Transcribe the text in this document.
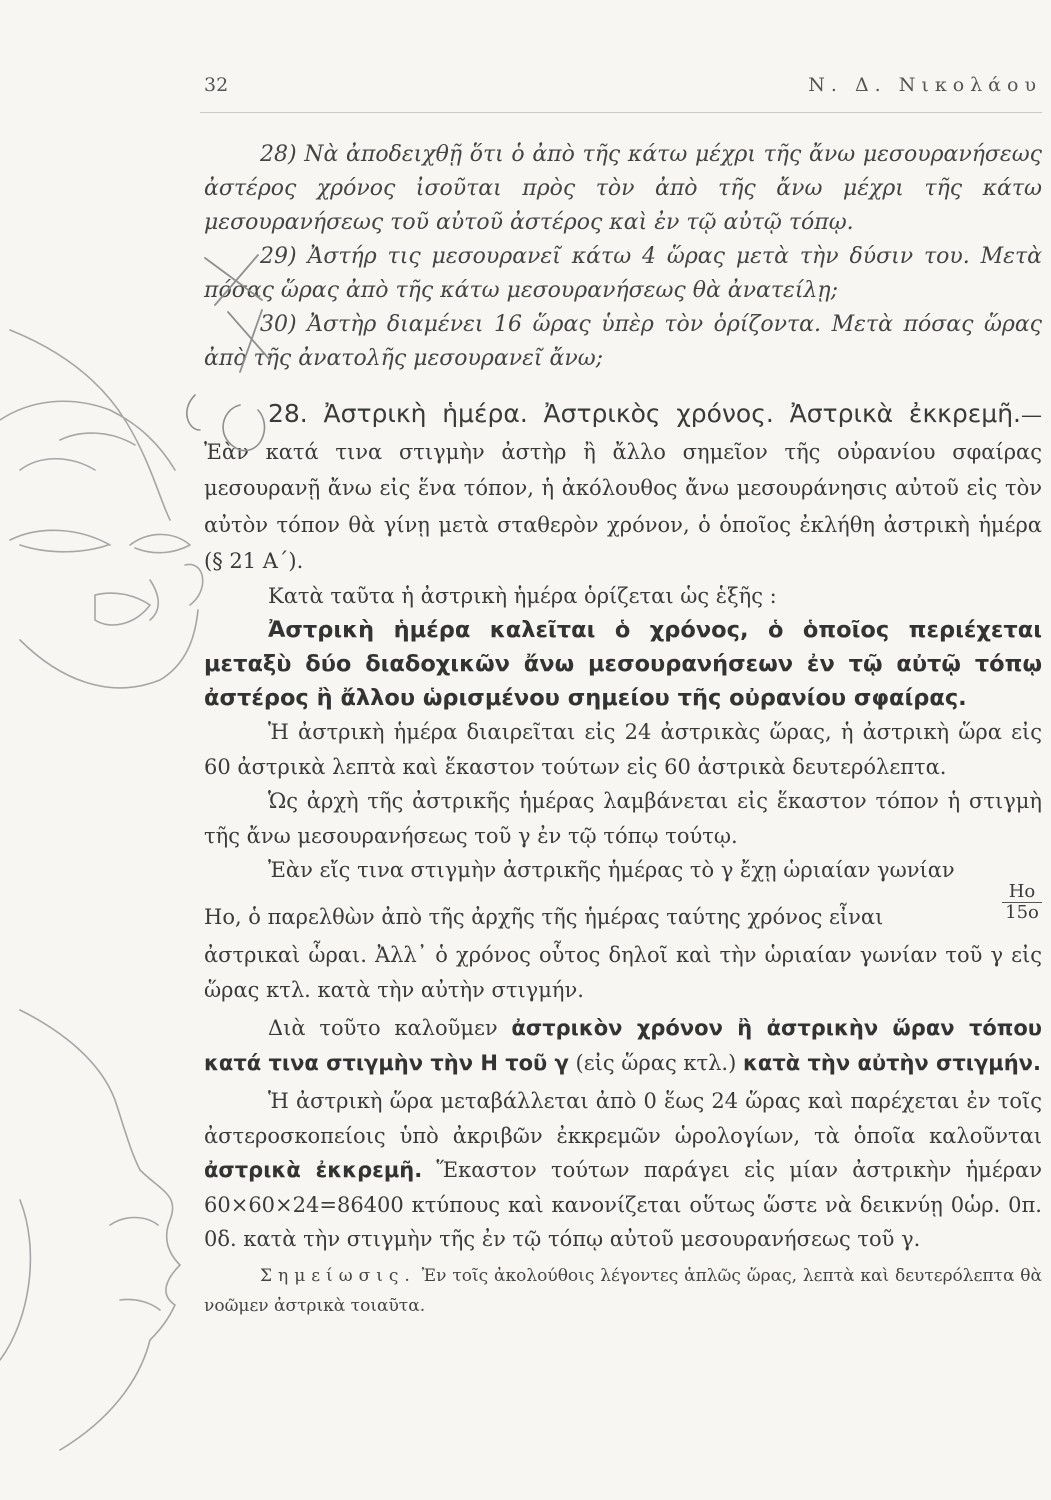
32	Ν. Δ. Νικολάου

28) Νὰ ἀποδειχθῇ ὅτι ὁ ἀπὸ τῆς κάτω μέχρι τῆς ἄνω μεσουρανήσεως ἀστέρος χρόνος ἰσοῦται πρὸς τὸν ἀπὸ τῆς ἄνω μέχρι τῆς κάτω μεσουρανήσεως τοῦ αὐτοῦ ἀστέρος καὶ ἐν τῷ αὐτῷ τόπῳ.

29) Ἀστήρ τις μεσουρανεῖ κάτω 4 ὥρας μετὰ τὴν δύσιν του. Μετὰ πόσας ὥρας ἀπὸ τῆς κάτω μεσουρανήσεως θὰ ἀνατείλῃ;

30) Ἀστὴρ διαμένει 16 ὥρας ὑπὲρ τὸν ὁρίζοντα. Μετὰ πόσας ὥρας ἀπὸ τῆς ἀνατολῆς μεσουρανεῖ ἄνω;

28. Ἀστρικὴ ἡμέρα. Ἀστρικὸς χρόνος. Ἀστρικὰ ἐκκρεμῆ.— Ἐὰν κατά τινα στιγμὴν ἀστὴρ ἢ ἄλλο σημεῖον τῆς οὐρανίου σφαίρας μεσουρανῇ ἄνω εἰς ἕνα τόπον, ἡ ἀκόλουθος ἄνω μεσουράνησις αὐτοῦ εἰς τὸν αὐτὸν τόπον θὰ γίνῃ μετὰ σταθερὸν χρόνον, ὁ ὁποῖος ἐκλήθη ἀστρικὴ ἡμέρα (§ 21 Α΄).

Κατὰ ταῦτα ἡ ἀστρικὴ ἡμέρα ὁρίζεται ὡς ἑξῆς :

Ἀστρικὴ ἡμέρα καλεῖται ὁ χρόνος, ὁ ὁποῖος περιέχεται μεταξὺ δύο διαδοχικῶν ἄνω μεσουρανήσεων ἐν τῷ αὐτῷ τόπῳ ἀστέρος ἢ ἄλλου ὡρισμένου σημείου τῆς οὐρανίου σφαίρας.

Ἡ ἀστρικὴ ἡμέρα διαιρεῖται εἰς 24 ἀστρικὰς ὥρας, ἡ ἀστρικὴ ὥρα εἰς 60 ἀστρικὰ λεπτὰ καὶ ἕκαστον τούτων εἰς 60 ἀστρικὰ δευτερόλεπτα.

Ὡς ἀρχὴ τῆς ἀστρικῆς ἡμέρας λαμβάνεται εἰς ἕκαστον τόπον ἡ στιγμὴ τῆς ἄνω μεσουρανήσεως τοῦ γ ἐν τῷ τόπῳ τούτῳ.

Ἐὰν εἴς τινα στιγμὴν ἀστρικῆς ἡμέρας τὸ γ ἔχῃ ὡριαίαν γωνίαν

Hο, ὁ παρελθὼν ἀπὸ τῆς ἀρχῆς τῆς ἡμέρας ταύτης χρόνος εἶναι	$\frac{Ho}{15o}$

ἀστρικαὶ ὧραι. Ἀλλ᾽ ὁ χρόνος οὗτος δηλοῖ καὶ τὴν ὡριαίαν γωνίαν τοῦ γ εἰς ὥρας κτλ. κατὰ τὴν αὐτὴν στιγμήν.

Διὰ τοῦτο καλοῦμεν ἀστρικὸν χρόνον ἢ ἀστρικὴν ὥραν τόπου κατά τινα στιγμὴν τὴν Η τοῦ γ (εἰς ὥρας κτλ.) κατὰ τὴν αὐτὴν στιγμήν.

Ἡ ἀστρικὴ ὥρα μεταβάλλεται ἀπὸ 0 ἕως 24 ὥρας καὶ παρέχεται ἐν τοῖς ἀστεροσκοπείοις ὑπὸ ἀκριβῶν ἐκκρεμῶν ὡρολογίων, τὰ ὁποῖα καλοῦνται ἀστρικὰ ἐκκρεμῆ. Ἕκαστον τούτων παράγει εἰς μίαν ἀστρικὴν ἡμέραν 60×60×24=86400 κτύπους καὶ κανονίζεται οὕτως ὥστε νὰ δεικνύῃ 0ὡρ. 0π. 0δ. κατὰ τὴν στιγμὴν τῆς ἐν τῷ τόπῳ αὐτοῦ μεσουρανήσεως τοῦ γ.

Σημείωσις. Ἐν τοῖς ἀκολούθοις λέγοντες ἁπλῶς ὥρας, λεπτὰ καὶ δευτερόλεπτα θὰ νοῶμεν ἀστρικὰ τοιαῦτα.
